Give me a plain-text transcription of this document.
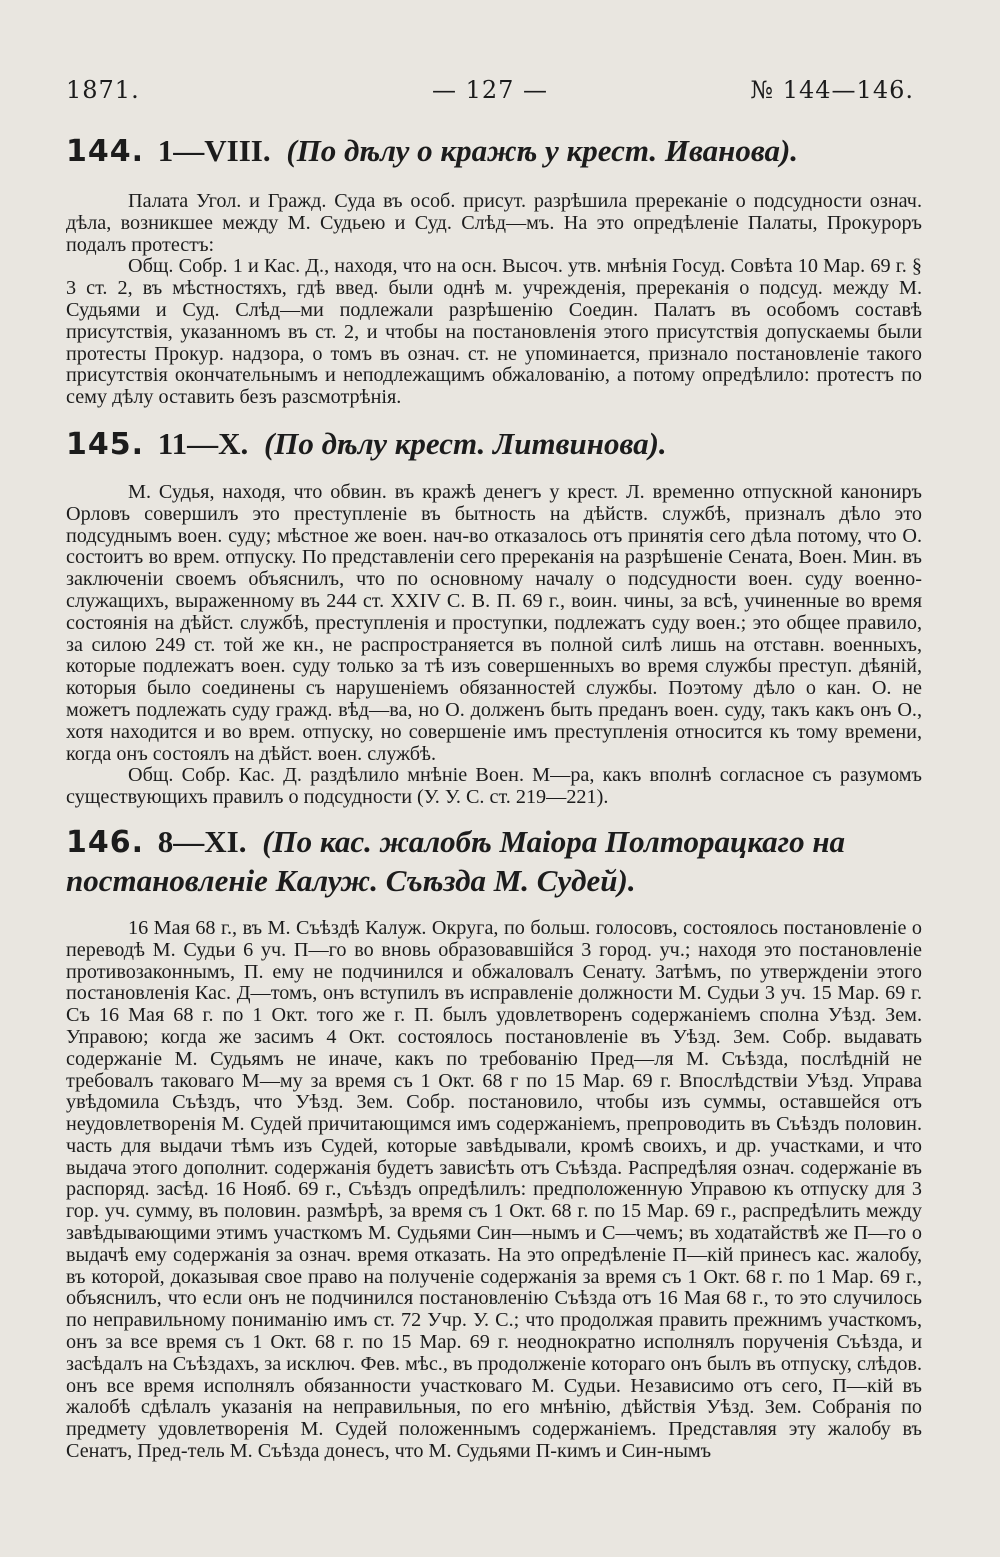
1871.	— 127 —	№ 144—146.
144. 1—VIII. (По дѣлу о кражѣ у крест. Иванова).

Палата Угол. и Гражд. Суда въ особ. присут. разрѣшила пререканіе о подсудности означ. дѣла, возникшее между М. Судьею и Суд. Слѣд—мъ. На это опредѣленіе Палаты, Прокуроръ подалъ протестъ:

Общ. Собр. 1 и Кас. Д., находя, что на осн. Высоч. утв. мнѣнія Госуд. Совѣта 10 Мар. 69 г. § 3 ст. 2, въ мѣстностяхъ, гдѣ введ. были однѣ м. учрежденія, пререканія о подсуд. между М. Судьями и Суд. Слѣд—ми подлежали разрѣшенію Соедин. Палатъ въ особомъ составѣ присутствія, указанномъ въ ст. 2, и чтобы на постановленія этого присутствія допускаемы были протесты Прокур. надзора, о томъ въ означ. ст. не упоминается, признало постановленіе такого присутствія окончательнымъ и неподлежащимъ обжалованію, а потому опредѣлило: протестъ по сему дѣлу оставить безъ разсмотрѣнія.

145. 11—X. (По дѣлу крест. Литвинова).

М. Судья, находя, что обвин. въ кражѣ денегъ у крест. Л. временно отпускной канониръ Орловъ совершилъ это преступленіе въ бытность на дѣйств. службѣ, призналъ дѣло это подсуднымъ воен. суду; мѣстное же воен. нач-во отказалось отъ принятія сего дѣла потому, что О. состоитъ во врем. отпуску. По представленіи сего пререканія на разрѣшеніе Сената, Воен. Мин. въ заключеніи своемъ объяснилъ, что по основному началу о подсудности воен. суду военно-служащихъ, выраженному въ 244 ст. XXIV С. В. П. 69 г., воин. чины, за всѣ, учиненные во время состоянія на дѣйст. службѣ, преступленія и проступки, подлежатъ суду воен.; это общее правило, за силою 249 ст. той же кн., не распространяется въ полной силѣ лишь на отставн. военныхъ, которые подлежатъ воен. суду только за тѣ изъ совершенныхъ во время службы преступ. дѣяній, которыя было соединены съ нарушеніемъ обязанностей службы. Поэтому дѣло о кан. О. не можетъ подлежать суду гражд. вѣд—ва, но О. долженъ быть преданъ воен. суду, такъ какъ онъ О., хотя находится и во врем. отпуску, но совершеніе имъ преступленія относится къ тому времени, когда онъ состоялъ на дѣйст. воен. службѣ.

Общ. Собр. Кас. Д. раздѣлило мнѣніе Воен. М—ра, какъ вполнѣ согласное съ разумомъ существующихъ правилъ о подсудности (У. У. С. ст. 219—221).

146. 8—XI. (По кас. жалобѣ Маіора Полторацкаго на постановленіе Калуж. Съѣзда М. Судей).

16 Мая 68 г., въ М. Съѣздѣ Калуж. Округа, по больш. голосовъ, состоялось постановленіе о переводѣ М. Судьи 6 уч. П—го во вновь образовавшійся 3 город. уч.; находя это постановленіе противозаконнымъ, П. ему не подчинился и обжаловалъ Сенату. Затѣмъ, по утвержденіи этого постановленія Кас. Д—томъ, онъ вступилъ въ исправленіе должности М. Судьи 3 уч. 15 Мар. 69 г. Съ 16 Мая 68 г. по 1 Окт. того же г. П. былъ удовлетворенъ содержаніемъ сполна Уѣзд. Зем. Управою; когда же засимъ 4 Окт. состоялось постановленіе въ Уѣзд. Зем. Собр. выдавать содержаніе М. Судьямъ не иначе, какъ по требованію Пред—ля М. Съѣзда, послѣдній не требовалъ таковаго М—му за время съ 1 Окт. 68 г по 15 Мар. 69 г. Впослѣдствіи Уѣзд. Управа увѣдомила Съѣздъ, что Уѣзд. Зем. Собр. постановило, чтобы изъ суммы, оставшейся отъ неудовлетворенія М. Судей причитающимся имъ содержаніемъ, препроводить въ Съѣздъ половин. часть для выдачи тѣмъ изъ Судей, которые завѣдывали, кромѣ своихъ, и др. участками, и что выдача этого дополнит. содержанія будетъ зависѣть отъ Съѣзда. Распредѣляя означ. содержаніе въ распоряд. засѣд. 16 Нояб. 69 г., Съѣздъ опредѣлилъ: предположенную Управою къ отпуску для 3 гор. уч. сумму, въ половин. размѣрѣ, за время съ 1 Окт. 68 г. по 15 Мар. 69 г., распредѣлить между завѣдывающими этимъ участкомъ М. Судьями Син—нымъ и С—чемъ; въ ходатайствѣ же П—го о выдачѣ ему содержанія за означ. время отказать. На это опредѣленіе П—кій принесъ кас. жалобу, въ которой, доказывая свое право на полученіе содержанія за время съ 1 Окт. 68 г. по 1 Мар. 69 г., объяснилъ, что если онъ не подчинился постановленію Съѣзда отъ 16 Мая 68 г., то это случилось по неправильному пониманію имъ ст. 72 Учр. У. С.; что продолжая править прежнимъ участкомъ, онъ за все время съ 1 Окт. 68 г. по 15 Мар. 69 г. неоднократно исполнялъ порученія Съѣзда, и засѣдалъ на Съѣздахъ, за исключ. Фев. мѣс., въ продолженіе котораго онъ былъ въ отпуску, слѣдов. онъ все время исполнялъ обязанности участковаго М. Судьи. Независимо отъ сего, П—кій въ жалобѣ сдѣлалъ указанія на неправильныя, по его мнѣнію, дѣйствія Уѣзд. Зем. Собранія по предмету удовлетворенія М. Судей положеннымъ содержаніемъ. Представляя эту жалобу въ Сенатъ, Пред-тель М. Съѣзда донесъ, что М. Судьями П-кимъ и Син-нымъ
